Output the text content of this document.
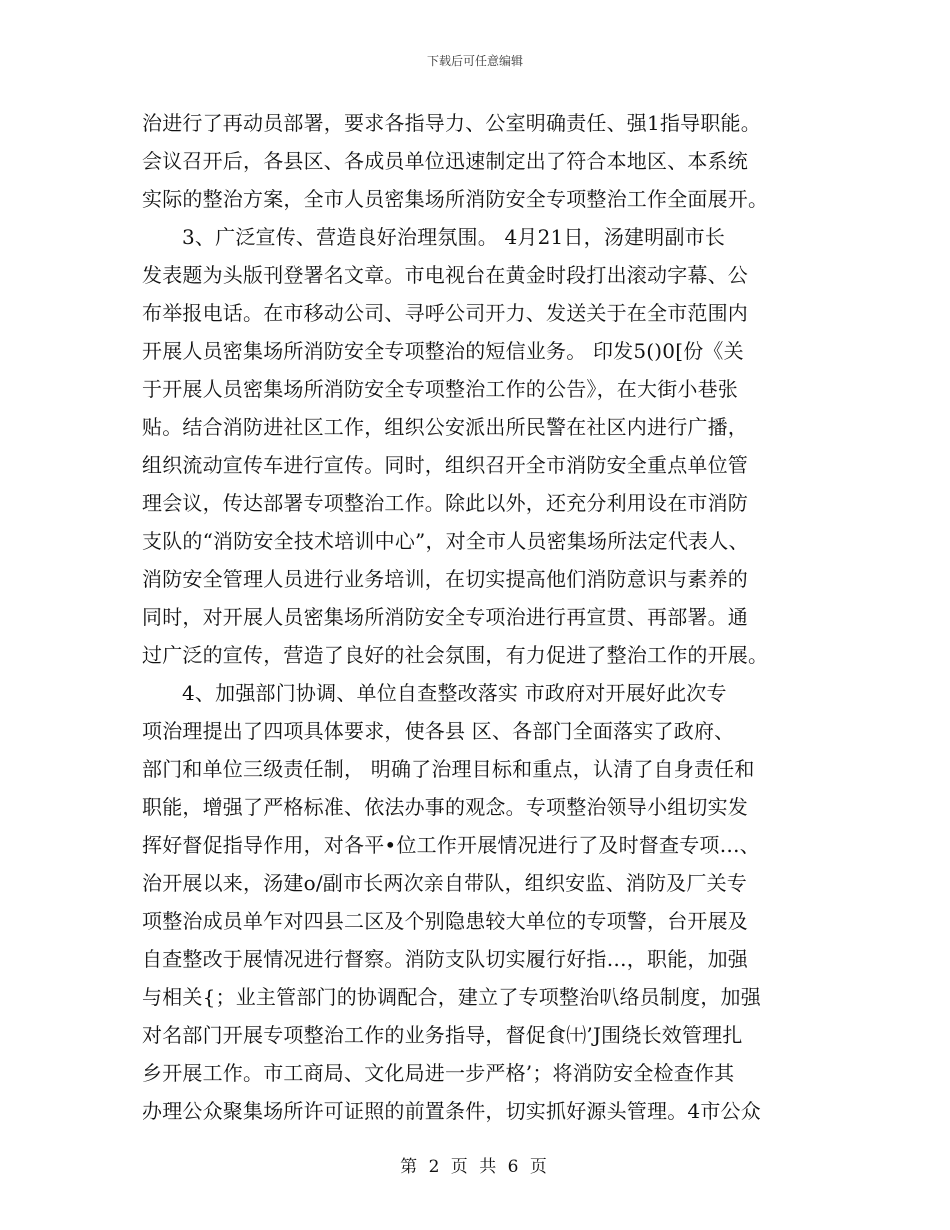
下载后可任意编辑
治进行了再动员部署，要求各指导力、公室明确责任、强1指导职能。
会议召开后，各县区、各成员单位迅速制定出了符合本地区、本系统
实际的整治方案，全市人员密集场所消防安全专项整治工作全面展开。
3、广泛宣传、营造良好治理氛围。 4月21日，汤建明副市长
发表题为头版刊登署名文章。市电视台在黄金时段打出滚动字幕、公
布举报电话。在市移动公司、寻呼公司开力、发送关于在全市范围内
开展人员密集场所消防安全专项整治的短信业务。 印发5()0[份《关
于开展人员密集场所消防安全专项整治工作的公告》，在大街小巷张
贴。结合消防进社区工作，组织公安派出所民警在社区内进行广播，
组织流动宣传车进行宣传。同时，组织召开全市消防安全重点单位管
理会议，传达部署专项整治工作。除此以外，还充分利用设在市消防
支队的“消防安全技术培训中心”，对全市人员密集场所法定代表人、
消防安全管理人员进行业务培训，在切实提高他们消防意识与素养的
同时，对开展人员密集场所消防安全专项治进行再宣贯、再部署。通
过广泛的宣传，营造了良好的社会氛围，有力促进了整治工作的开展。
4、加强部门协调、单位自查整改落实 市政府对开展好此次专
项治理提出了四项具体要求，使各县 区、各部门全面落实了政府、
部门和单位三级责任制， 明确了治理目标和重点，认清了自身责任和
职能，增强了严格标准、依法办事的观念。专项整治领导小组切实发
挥好督促指导作用，对各平•位工作开展情况进行了及时督查专项…、
治开展以来，汤建o/副市长两次亲自带队，组织安监、消防及厂关专
项整治成员单乍对四县二区及个别隐患较大单位的专项警，台开展及
自查整改于展情况进行督察。消防支队切实履行好指…，职能，加强
与相关{；业主管部门的协调配合，建立了专项整治叭络员制度，加强
对名部门开展专项整治工作的业务指导，督促食㈩’J围绕长效管理扎
乡开展工作。市工商局、文化局进一步严格’；将消防安全检查作其
办理公众聚集场所许可证照的前置条件，切实抓好源头管理。4市公众
第 2 页 共 6 页
